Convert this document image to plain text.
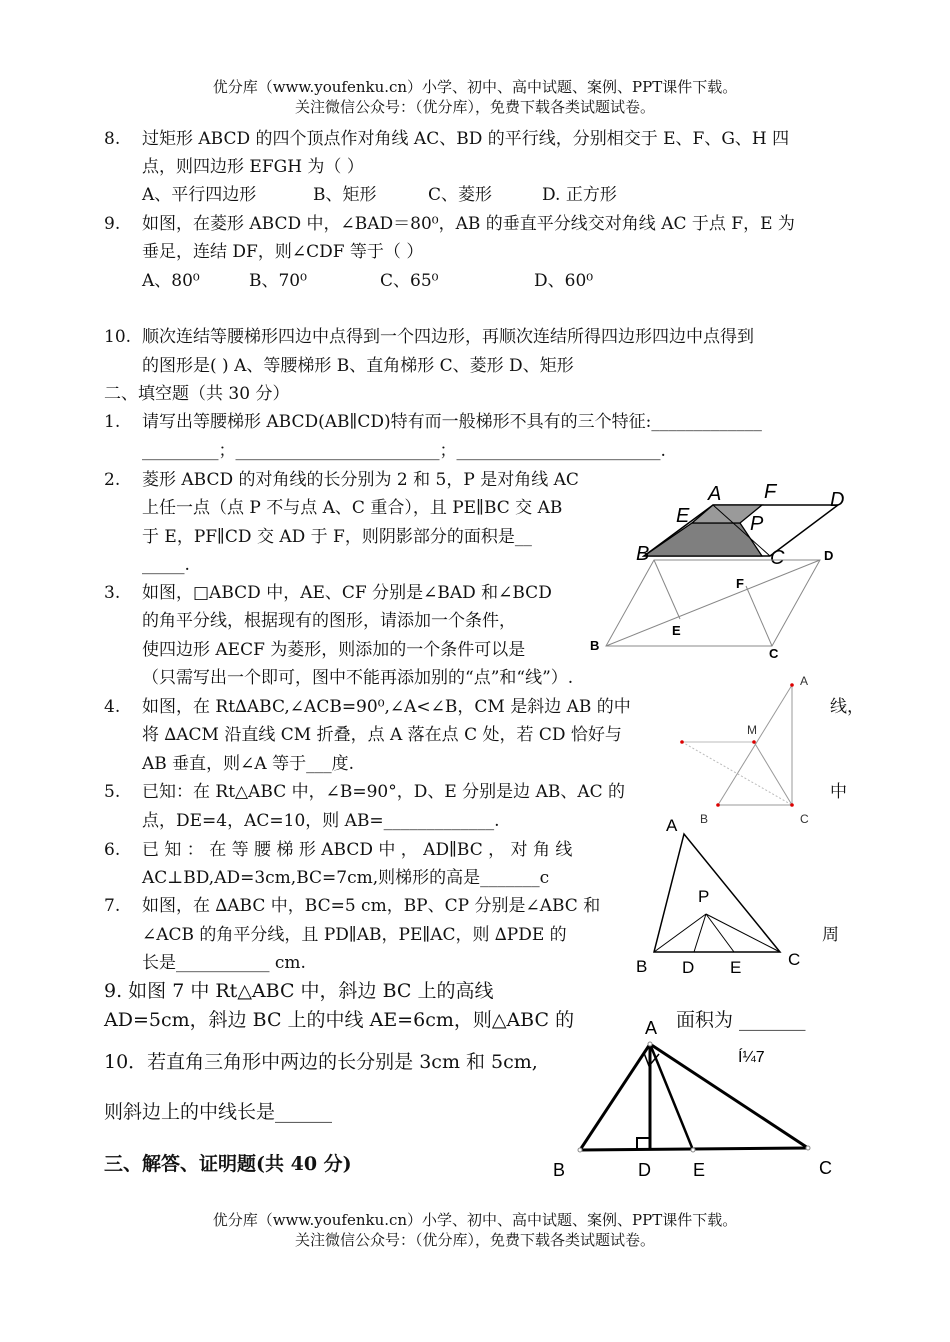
优分库（www.youfenku.cn）小学、初中、高中试题、案例、PPT课件下载。
关注微信公众号：（优分库），免费下载各类试题试卷。
8. 过矩形 ABCD 的四个顶点作对角线 AC、BD 的平行线，分别相交于 E、F、G、H 四
点，则四边形 EFGH 为（ ）
A、平行四边形	B、矩形	C、菱形	D. 正方形
9. 如图，在菱形 ABCD 中，∠BAD＝80⁰，AB 的垂直平分线交对角线 AC 于点 F，E 为
垂足，连结 DF，则∠CDF 等于（ ）
A、80⁰	B、70⁰	C、65⁰	D、60⁰
10. 顺次连结等腰梯形四边中点得到一个四边形，再顺次连结所得四边形四边中点得到
的图形是( ) A、等腰梯形 B、直角梯形 C、菱形 D、矩形
二、填空题（共 30 分）
1. 请写出等腰梯形 ABCD(AB∥CD)特有而一般梯形不具有的三个特征:_____________
_________；________________________；________________________.
2. 菱形 ABCD 的对角线的长分别为 2 和 5，P 是对角线 AC
上任一点（点 P 不与点 A、C 重合），且 PE∥BC 交 AB
于 E，PF∥CD 交 AD 于 F，则阴影部分的面积是__
_____.
3. 如图，□ABCD 中，AE、CF 分别是∠BAD 和∠BCD
的角平分线，根据现有的图形，请添加一个条件，
使四边形 AECF 为菱形，则添加的一个条件可以是
（只需写出一个即可，图中不能再添加别的“点”和“线”）.
4. 如图，在 Rt∆ABC,∠ACB=90⁰,∠A<∠B，CM 是斜边 AB 的中	线，
将 ∆ACM 沿直线 CM 折叠，点 A 落在点 C 处，若 CD 恰好与
AB 垂直，则∠A 等于___度.
5. 已知：在 Rt△ABC 中，∠B=90°，D、E 分别是边 AB、AC 的	中
点，DE=4，AC=10，则 AB=_____________.
6. 已 知 ： 在 等 腰 梯 形 ABCD 中 ， AD∥BC ， 对 角 线
AC⊥BD,AD=3cm,BC=7cm,则梯形的高是_______c
7. 如图，在 ∆ABC 中，BC=5 cm，BP、CP 分别是∠ABC 和
∠ACB 的角平分线，且 PD∥AB，PE∥AC，则 ∆PDE 的	周
长是___________ cm.
9. 如图 7 中 Rt△ABC 中，斜边 BC 上的高线
AD=5cm，斜边 BC 上的中线 AE=6cm，则△ABC 的	面积为 _______
10．若直角三角形中两边的长分别是 3cm 和 5cm,
则斜边上的中线长是______
三、解答、证明题(共 40 分)
优分库（www.youfenku.cn）小学、初中、高中试题、案例、PPT课件下载。
关注微信公众号：（优分库），免费下载各类试题试卷。
A F	D
E	P
B	C	D
F
E
B
C
A
M
B	C
A
P
B D E	C
A
Í¼7
B	D E	C
